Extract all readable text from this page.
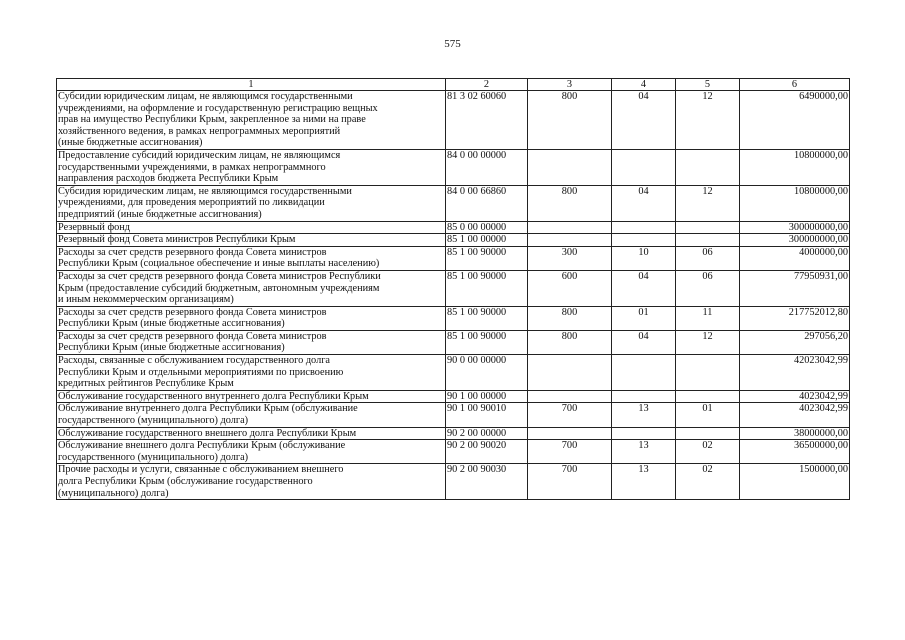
575
1	2	3	4	5	6

Субсидии юридическим лицам, не являющимся государственными
учреждениями, на оформление и государственную регистрацию вещных
прав на имущество Республики Крым, закрепленное за ними на праве
хозяйственного ведения, в рамках непрограммных мероприятий
(иные бюджетные ассигнования)	81 3 02 60060	800	04	12	6490000,00

Предоставление субсидий юридическим лицам, не являющимся
государственными учреждениями, в рамках непрограммного
направления расходов бюджета Республики Крым	84 0 00 00000				10800000,00

Субсидия юридическим лицам, не являющимся государственными
учреждениями, для проведения мероприятий по ликвидации
предприятий (иные бюджетные ассигнования)	84 0 00 66860	800	04	12	10800000,00

Резервный фонд	85 0 00 00000				300000000,00

Резервный фонд Совета министров Республики Крым	85 1 00 00000				300000000,00

Расходы за счет средств резервного фонда Совета министров
Республики Крым (социальное обеспечение и иные выплаты населению)	85 1 00 90000	300	10	06	4000000,00

Расходы за счет средств резервного фонда Совета министров Республики
Крым (предоставление субсидий бюджетным, автономным учреждениям
и иным некоммерческим организациям)	85 1 00 90000	600	04	06	77950931,00

Расходы за счет средств резервного фонда Совета министров
Республики Крым (иные бюджетные ассигнования)	85 1 00 90000	800	01	11	217752012,80

Расходы за счет средств резервного фонда Совета министров
Республики Крым (иные бюджетные ассигнования)	85 1 00 90000	800	04	12	297056,20

Расходы, связанные с обслуживанием государственного долга
Республики Крым и отдельными мероприятиями по присвоению
кредитных рейтингов Республике Крым	90 0 00 00000				42023042,99

Обслуживание государственного внутреннего долга Республики Крым	90 1 00 00000				4023042,99

Обслуживание внутреннего долга Республики Крым (обслуживание
государственного (муниципального) долга)	90 1 00 90010	700	13	01	4023042,99

Обслуживание государственного внешнего долга Республики Крым	90 2 00 00000				38000000,00

Обслуживание внешнего долга Республики Крым (обслуживание
государственного (муниципального) долга)	90 2 00 90020	700	13	02	36500000,00

Прочие расходы и услуги, связанные с обслуживанием внешнего
долга Республики Крым (обслуживание государственного
(муниципального) долга)	90 2 00 90030	700	13	02	1500000,00
